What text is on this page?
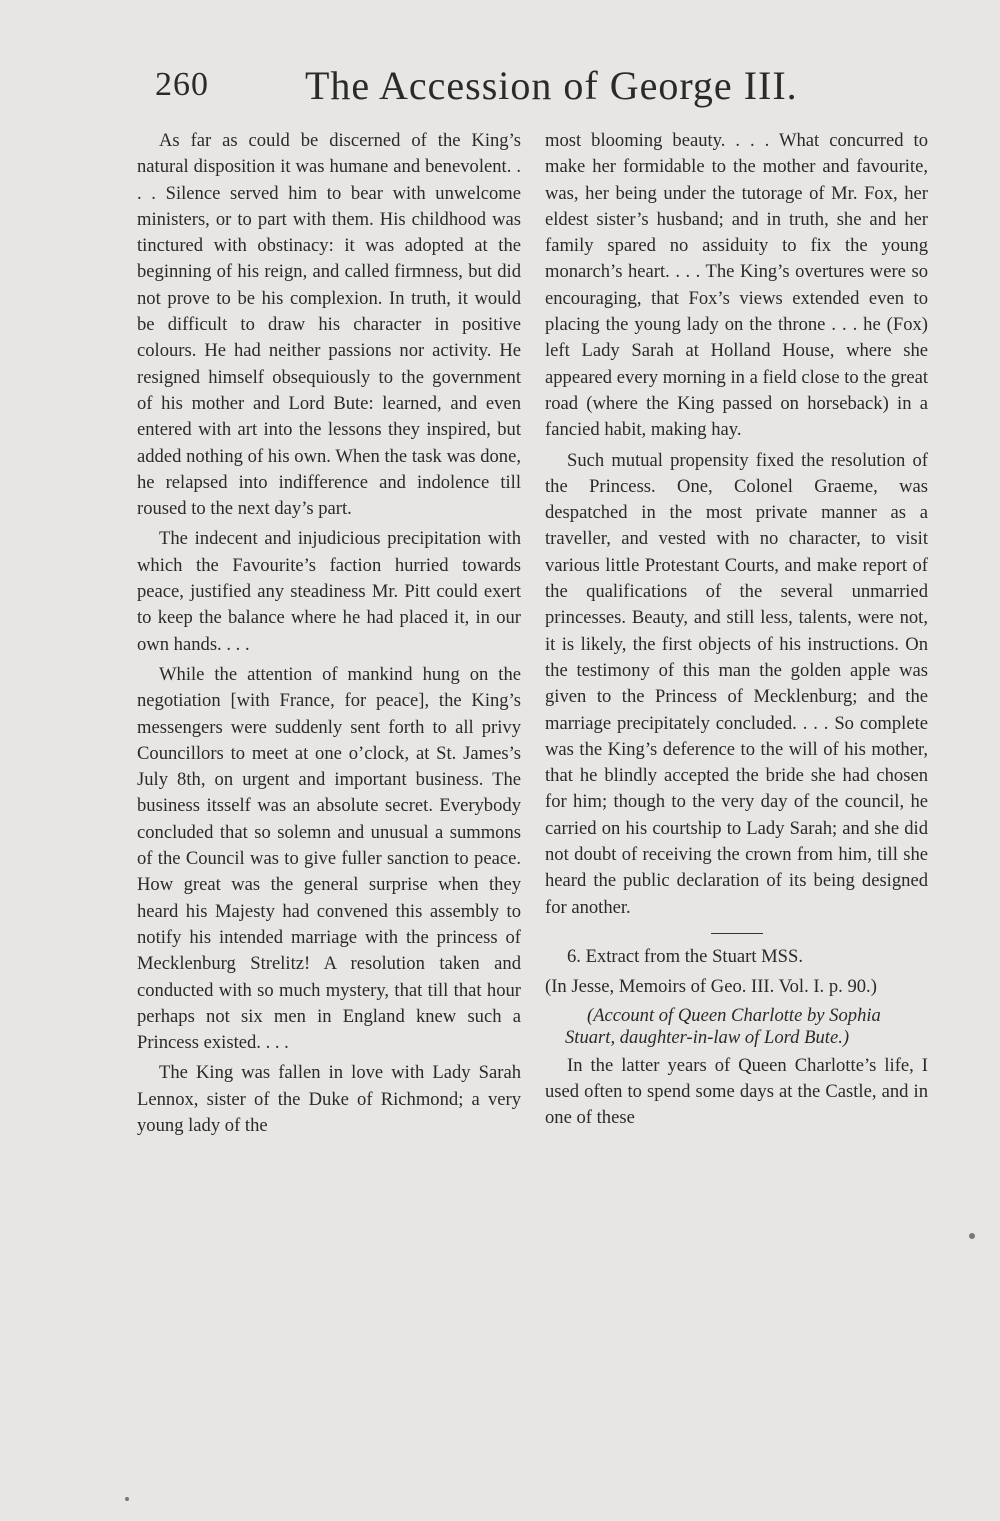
260 The Accession of George III.

As far as could be discerned of the King’s natural disposition it was humane and benevolent. . . . Silence served him to bear with unwelcome ministers, or to part with them. His childhood was tinctured with obstinacy: it was adopted at the beginning of his reign, and called firmness, but did not prove to be his complexion. In truth, it would be difficult to draw his character in positive colours. He had neither passions nor activity. He resigned himself obsequiously to the government of his mother and Lord Bute: learned, and even entered with art into the lessons they inspired, but added nothing of his own. When the task was done, he relapsed into indifference and indolence till roused to the next day’s part.

The indecent and injudicious precipitation with which the Favourite’s faction hurried towards peace, justified any steadiness Mr. Pitt could exert to keep the balance where he had placed it, in our own hands. . . .

While the attention of mankind hung on the negotiation [with France, for peace], the King’s messengers were suddenly sent forth to all privy Councillors to meet at one o’clock, at St. James’s July 8th, on urgent and important business. The business itsself was an absolute secret. Everybody concluded that so solemn and unusual a summons of the Council was to give fuller sanction to peace. How great was the general surprise when they heard his Majesty had convened this assembly to notify his intended marriage with the princess of Mecklenburg Strelitz! A resolution taken and conducted with so much mystery, that till that hour perhaps not six men in England knew such a Princess existed. . . .

The King was fallen in love with Lady Sarah Lennox, sister of the Duke of Richmond; a very young lady of the

most blooming beauty. . . . What concurred to make her formidable to the mother and favourite, was, her being under the tutorage of Mr. Fox, her eldest sister’s husband; and in truth, she and her family spared no assiduity to fix the young monarch’s heart. . . . The King’s overtures were so encouraging, that Fox’s views extended even to placing the young lady on the throne . . . he (Fox) left Lady Sarah at Holland House, where she appeared every morning in a field close to the great road (where the King passed on horseback) in a fancied habit, making hay.

Such mutual propensity fixed the resolution of the Princess. One, Colonel Graeme, was despatched in the most private manner as a traveller, and vested with no character, to visit various little Protestant Courts, and make report of the qualifications of the several unmarried princesses. Beauty, and still less, talents, were not, it is likely, the first objects of his instructions. On the testimony of this man the golden apple was given to the Princess of Mecklenburg; and the marriage precipitately concluded. . . . So complete was the King’s deference to the will of his mother, that he blindly accepted the bride she had chosen for him; though to the very day of the council, he carried on his courtship to Lady Sarah; and she did not doubt of receiving the crown from him, till she heard the public declaration of its being designed for another.

6. Extract from the Stuart MSS.

(In Jesse, Memoirs of Geo. III. Vol. I. p. 90.)

(Account of Queen Charlotte by Sophia Stuart, daughter-in-law of Lord Bute.)

In the latter years of Queen Charlotte’s life, I used often to spend some days at the Castle, and in one of these
